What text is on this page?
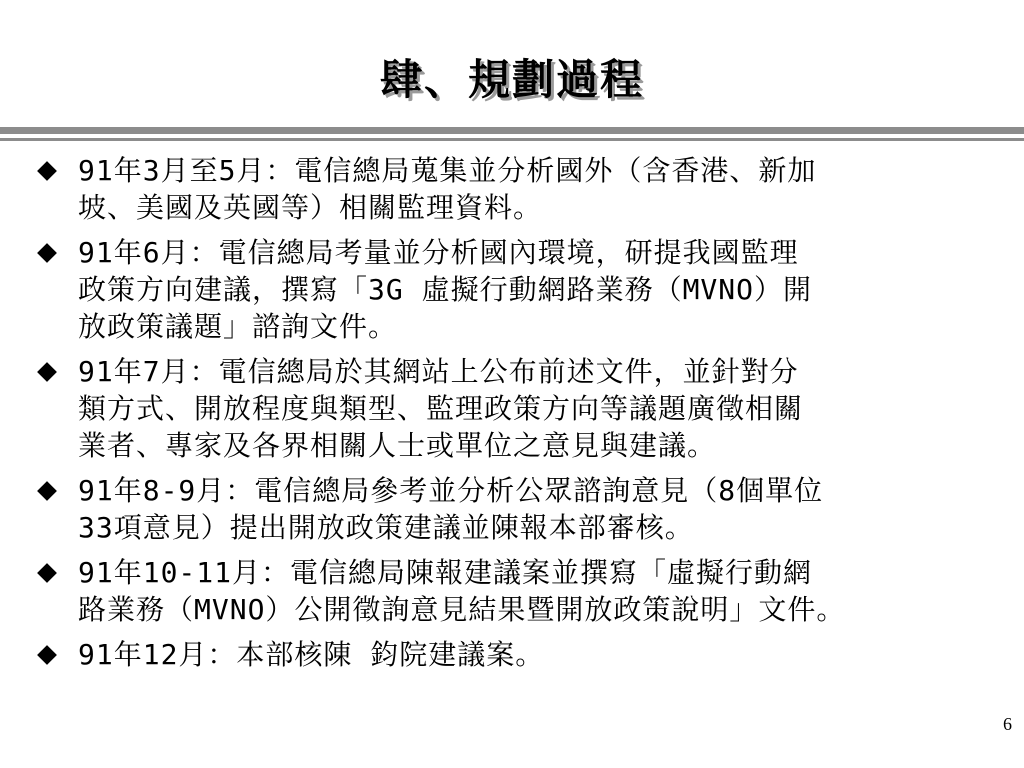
肆、規劃過程
91年3月至5月：電信總局蒐集並分析國外（含香港、新加
坡、美國及英國等）相關監理資料。
91年6月：電信總局考量並分析國內環境，研提我國監理
政策方向建議，撰寫「3G 虛擬行動網路業務（MVNO）開
放政策議題」諮詢文件。
91年7月：電信總局於其網站上公布前述文件，並針對分
類方式、開放程度與類型、監理政策方向等議題廣徵相關
業者、專家及各界相關人士或單位之意見與建議。
91年8-9月：電信總局參考並分析公眾諮詢意見（8個單位
33項意見）提出開放政策建議並陳報本部審核。
91年10-11月：電信總局陳報建議案並撰寫「虛擬行動網
路業務（MVNO）公開徵詢意見結果暨開放政策說明」文件。
91年12月：本部核陳 鈞院建議案。
6
